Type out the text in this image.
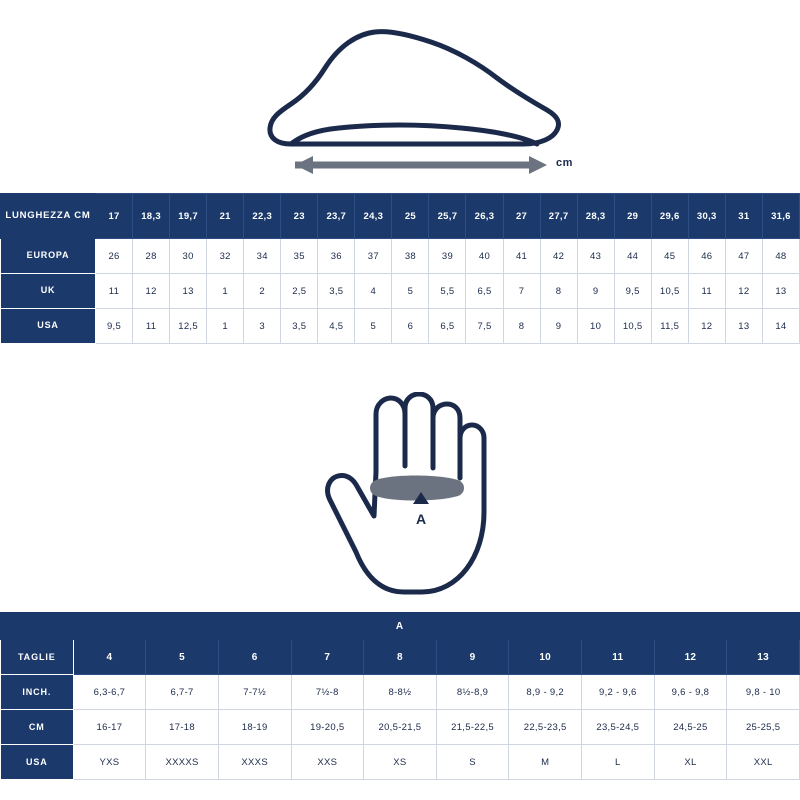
cm
LUNGHEZZA CM	17	18,3	19,7	21	22,3	23	23,7	24,3	25	25,7	26,3	27	27,7	28,3	29	29,6	30,3	31	31,6
EUROPA	26	28	30	32	34	35	36	37	38	39	40	41	42	43	44	45	46	47	48
UK	11	12	13	1	2	2,5	3,5	4	5	5,5	6,5	7	8	9	9,5	10,5	11	12	13
USA	9,5	11	12,5	1	3	3,5	4,5	5	6	6,5	7,5	8	9	10	10,5	11,5	12	13	14
A
A										
TAGLIE	4	5	6	7	8	9	10	11	12	13
INCH.	6,3-6,7	6,7-7	7-7½	7½-8	8-8½	8½-8,9	8,9 - 9,2	9,2 - 9,6	9,6 - 9,8	9,8 - 10
CM	16-17	17-18	18-19	19-20,5	20,5-21,5	21,5-22,5	22,5-23,5	23,5-24,5	24,5-25	25-25,5
USA	YXS	XXXXS	XXXS	XXS	XS	S	M	L	XL	XXL
